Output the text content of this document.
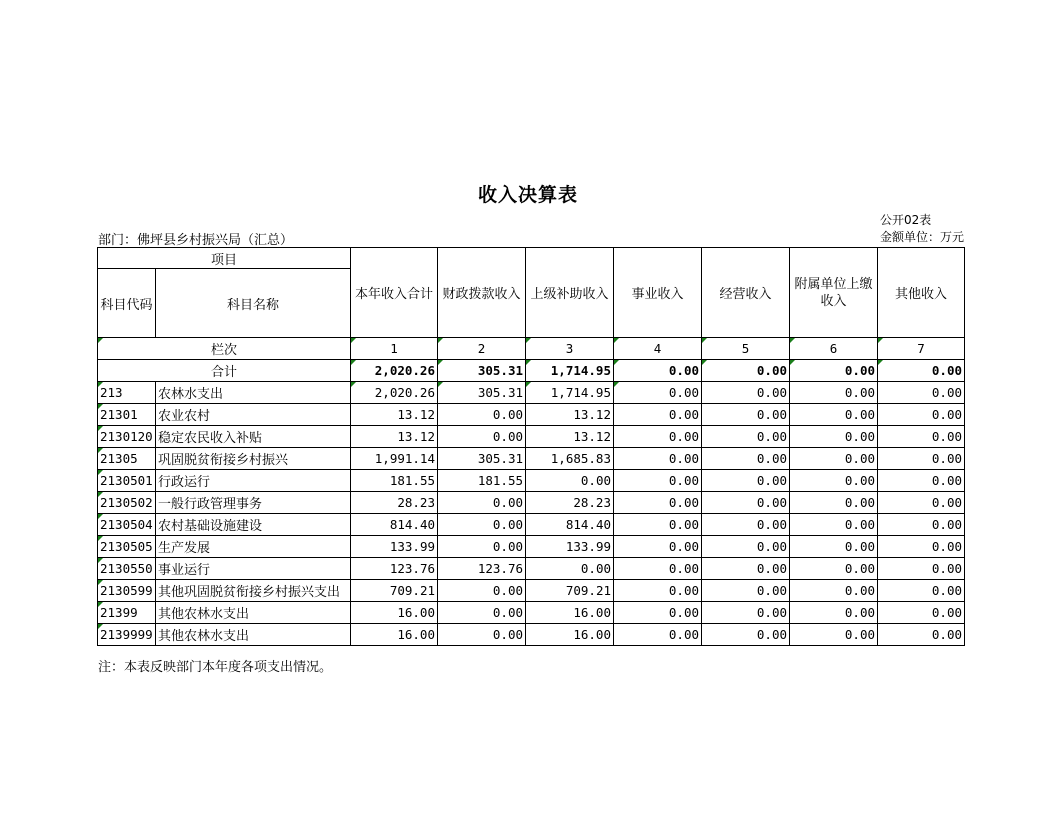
收入决算表
部门：佛坪县乡村振兴局（汇总）
公开02表
金额单位：万元
项目		本年收入合计	财政拨款收入	上级补助收入	事业收入	经营收入	附属单位上缴收入	其他收入
科目代码	科目名称							
栏次		1	2	3	4	5	6	7
合计		2,020.26	305.31	1,714.95	0.00	0.00	0.00	0.00
213	农林水支出	2,020.26	305.31	1,714.95	0.00	0.00	0.00	0.00
21301	农业农村	13.12	0.00	13.12	0.00	0.00	0.00	0.00
2130120	稳定农民收入补贴	13.12	0.00	13.12	0.00	0.00	0.00	0.00
21305	巩固脱贫衔接乡村振兴	1,991.14	305.31	1,685.83	0.00	0.00	0.00	0.00
2130501	行政运行	181.55	181.55	0.00	0.00	0.00	0.00	0.00
2130502	一般行政管理事务	28.23	0.00	28.23	0.00	0.00	0.00	0.00
2130504	农村基础设施建设	814.40	0.00	814.40	0.00	0.00	0.00	0.00
2130505	生产发展	133.99	0.00	133.99	0.00	0.00	0.00	0.00
2130550	事业运行	123.76	123.76	0.00	0.00	0.00	0.00	0.00
2130599	其他巩固脱贫衔接乡村振兴支出	709.21	0.00	709.21	0.00	0.00	0.00	0.00
21399	其他农林水支出	16.00	0.00	16.00	0.00	0.00	0.00	0.00
2139999	其他农林水支出	16.00	0.00	16.00	0.00	0.00	0.00	0.00
注：本表反映部门本年度各项支出情况。
